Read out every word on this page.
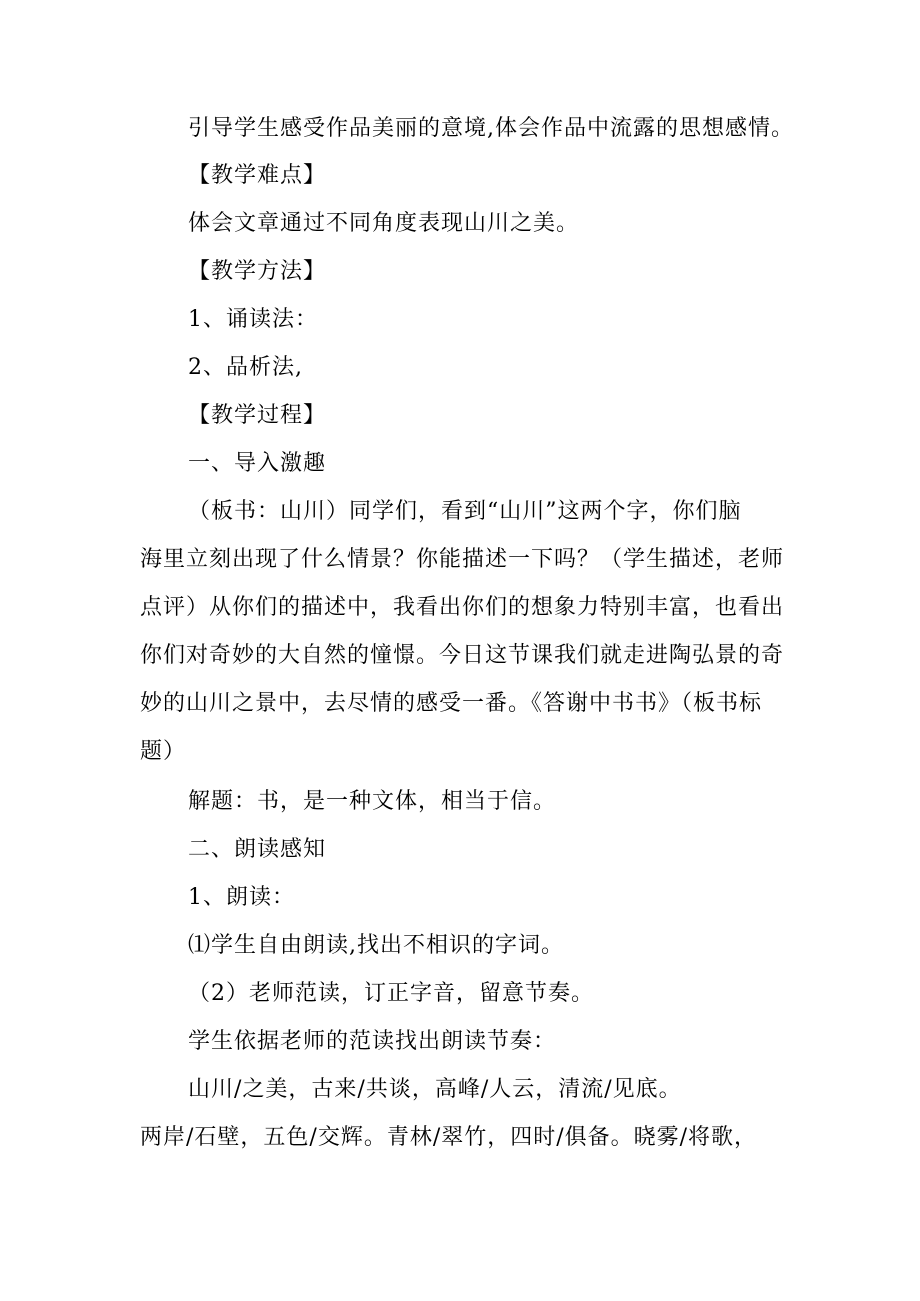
引导学生感受作品美丽的意境,体会作品中流露的思想感情。
【教学难点】
体会文章通过不同角度表现山川之美。
【教学方法】
1、诵读法：
2、品析法,
【教学过程】
一、导入激趣
（板书：山川）同学们，看到“山川”这两个字，你们脑
海里立刻出现了什么情景？你能描述一下吗？（学生描述，老师
点评）从你们的描述中，我看出你们的想象力特别丰富，也看出
你们对奇妙的大自然的憧憬。今日这节课我们就走进陶弘景的奇
妙的山川之景中，去尽情的感受一番。《答谢中书书》（板书标
题）
解题：书，是一种文体，相当于信。
二、朗读感知
1、朗读：
⑴学生自由朗读,找出不相识的字词。
（2）老师范读，订正字音，留意节奏。
学生依据老师的范读找出朗读节奏：
山川/之美，古来/共谈，高峰/人云，清流/见底。
两岸/石壁，五色/交辉。青林/翠竹，四时/俱备。晓雾/将歌，
